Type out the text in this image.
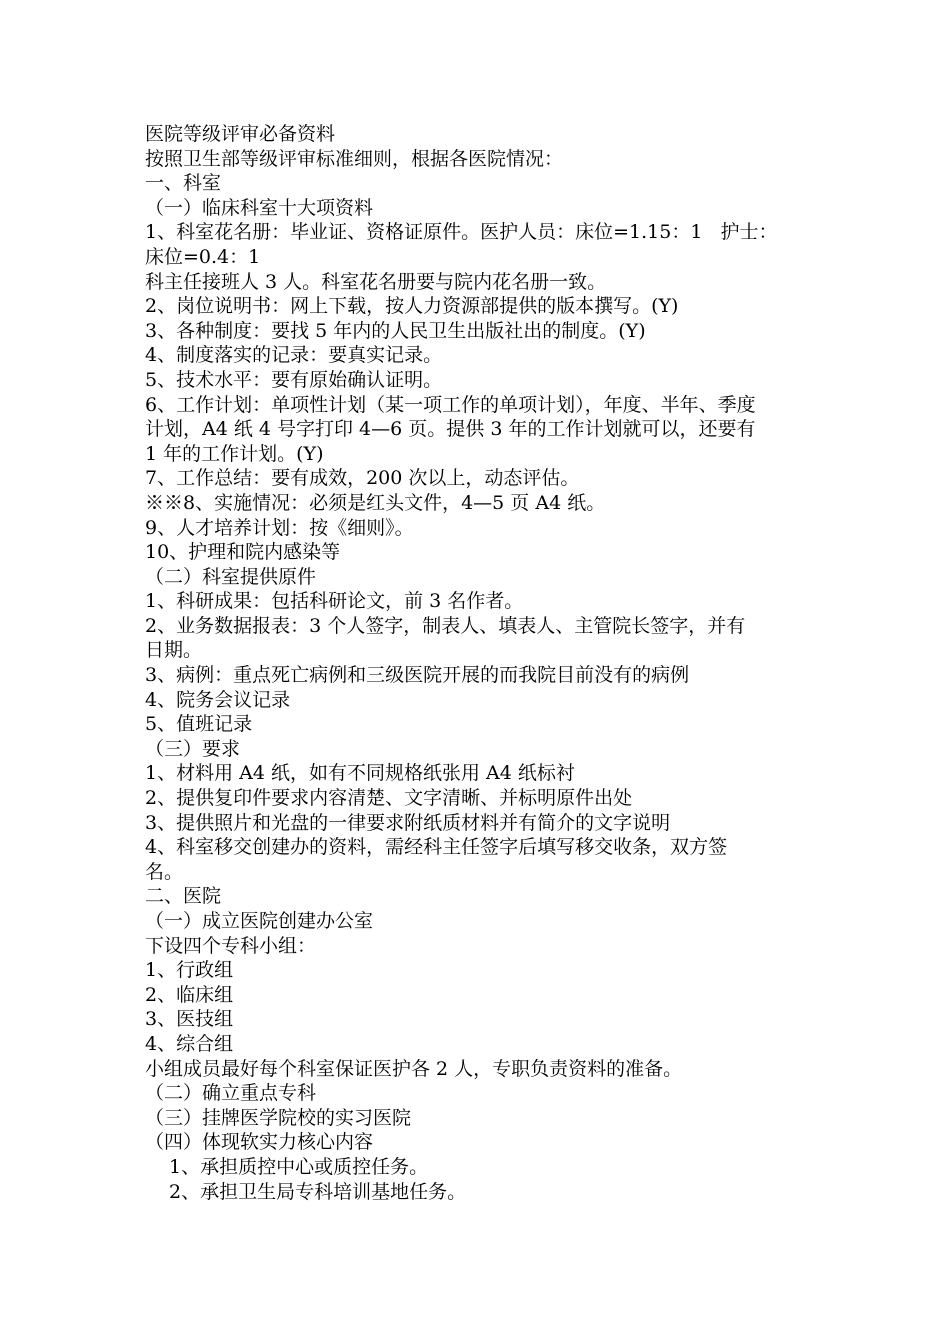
医院等级评审必备资料

按照卫生部等级评审标准细则，根据各医院情况：

一、科室

（一）临床科室十大项资料

1、科室花名册：毕业证、资格证原件。医护人员：床位=1.15：1   护士：

床位=0.4：1

科主任接班人 3 人。科室花名册要与院内花名册一致。

2、岗位说明书：网上下载，按人力资源部提供的版本撰写。(Y)

3、各种制度：要找 5 年内的人民卫生出版社出的制度。(Y)

4、制度落实的记录：要真实记录。

5、技术水平：要有原始确认证明。

6、工作计划：单项性计划（某一项工作的单项计划），年度、半年、季度

计划，A4 纸 4 号字打印 4—6 页。提供 3 年的工作计划就可以，还要有

1 年的工作计划。(Y)

7、工作总结：要有成效，200 次以上，动态评估。

※※8、实施情况：必须是红头文件，4—5 页 A4 纸。

9、人才培养计划：按《细则》。

10、护理和院内感染等

（二）科室提供原件

1、科研成果：包括科研论文，前 3 名作者。

2、业务数据报表：3 个人签字，制表人、填表人、主管院长签字，并有

日期。

3、病例：重点死亡病例和三级医院开展的而我院目前没有的病例

4、院务会议记录

5、值班记录

（三）要求

1、材料用 A4 纸，如有不同规格纸张用 A4 纸标衬

2、提供复印件要求内容清楚、文字清晰、并标明原件出处

3、提供照片和光盘的一律要求附纸质材料并有简介的文字说明

4、科室移交创建办的资料，需经科主任签字后填写移交收条，双方签

名。

二、医院

（一）成立医院创建办公室

下设四个专科小组：

1、行政组

2、临床组

3、医技组

4、综合组

小组成员最好每个科室保证医护各 2 人，专职负责资料的准备。

（二）确立重点专科

（三）挂牌医学院校的实习医院

（四）体现软实力核心内容

1、承担质控中心或质控任务。

2、承担卫生局专科培训基地任务。
